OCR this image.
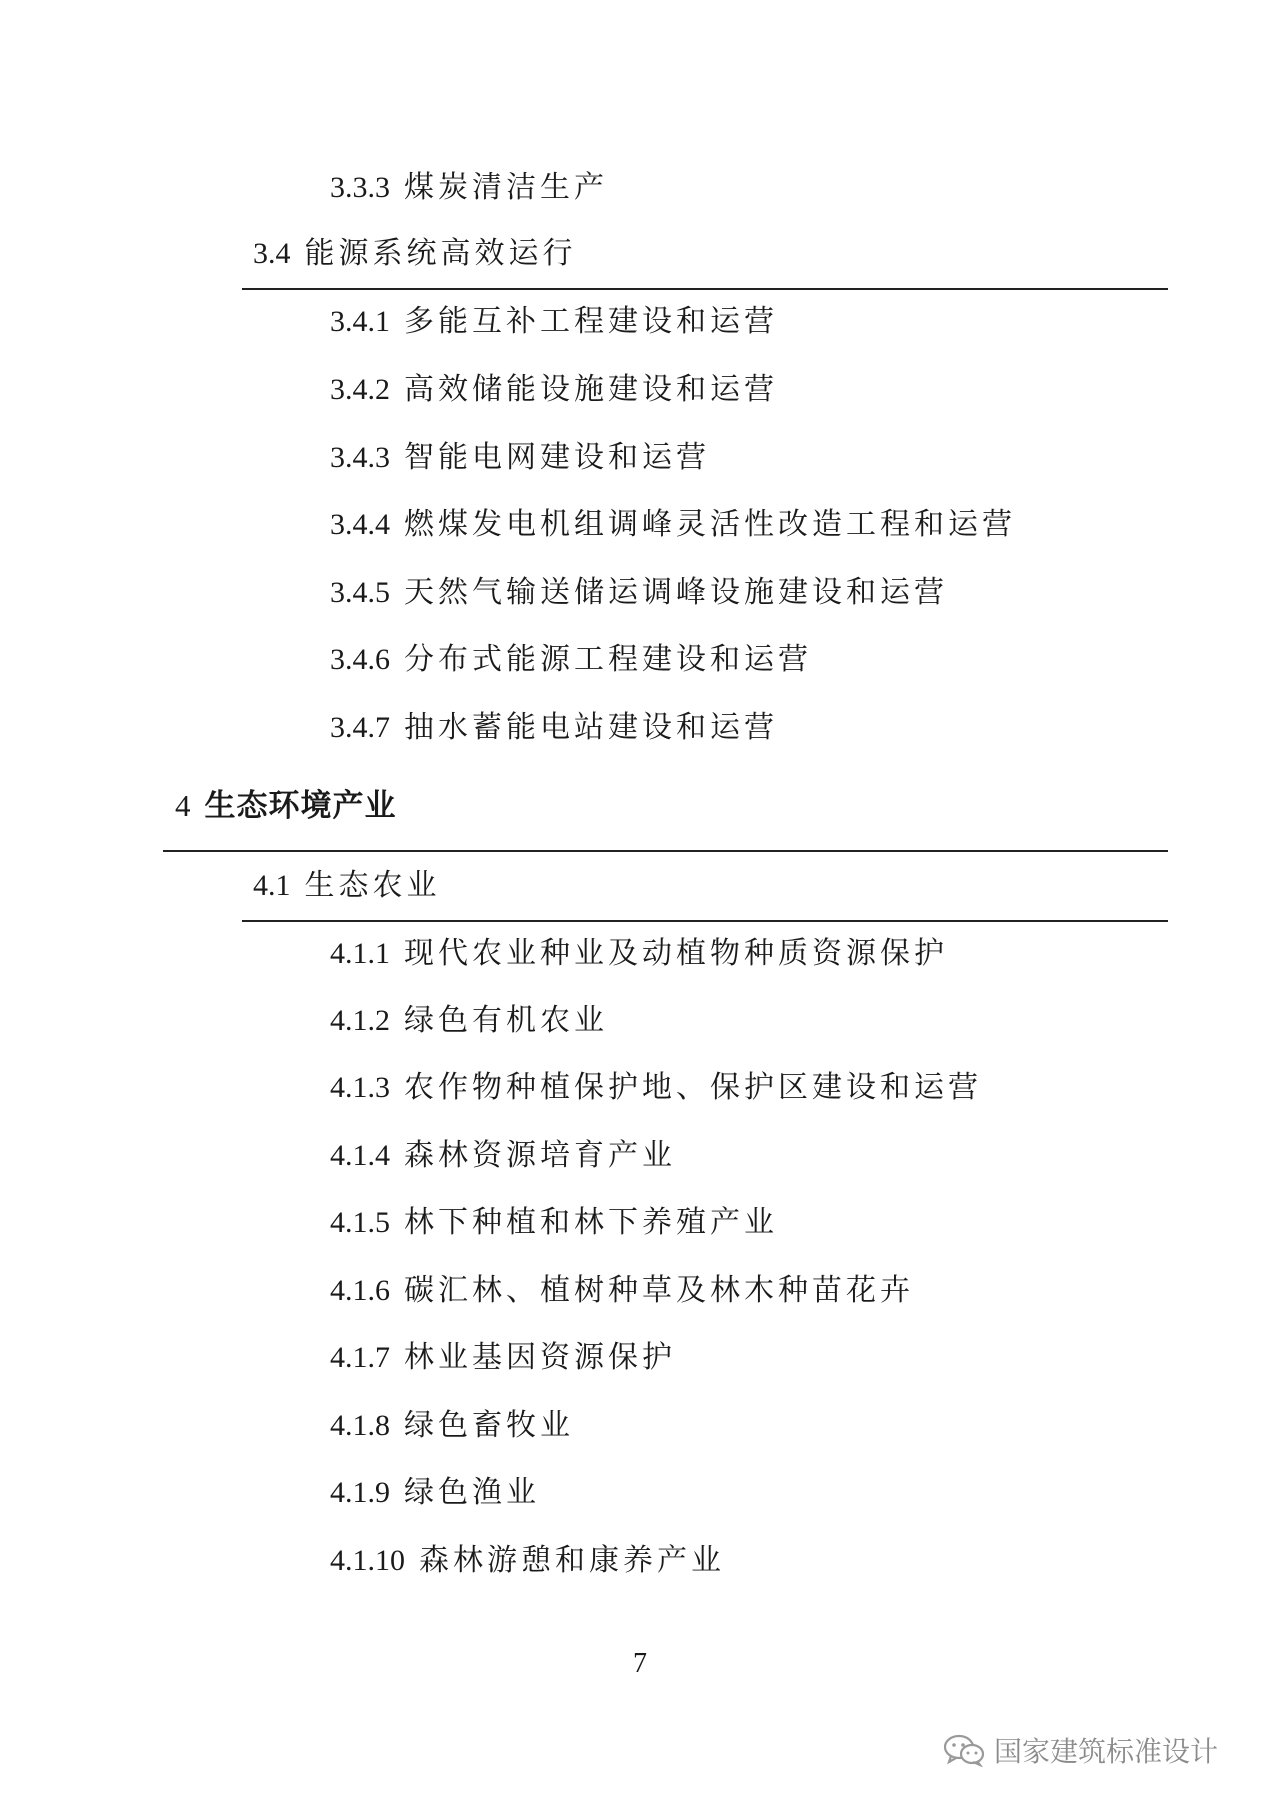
3.3.3 煤炭清洁生产
3.4 能源系统高效运行
3.4.1 多能互补工程建设和运营
3.4.2 高效储能设施建设和运营
3.4.3 智能电网建设和运营
3.4.4 燃煤发电机组调峰灵活性改造工程和运营
3.4.5 天然气输送储运调峰设施建设和运营
3.4.6 分布式能源工程建设和运营
3.4.7 抽水蓄能电站建设和运营
4 生态环境产业
4.1 生态农业
4.1.1 现代农业种业及动植物种质资源保护
4.1.2 绿色有机农业
4.1.3 农作物种植保护地、保护区建设和运营
4.1.4 森林资源培育产业
4.1.5 林下种植和林下养殖产业
4.1.6 碳汇林、植树种草及林木种苗花卉
4.1.7 林业基因资源保护
4.1.8 绿色畜牧业
4.1.9 绿色渔业
4.1.10 森林游憩和康养产业
7
国家建筑标准设计
